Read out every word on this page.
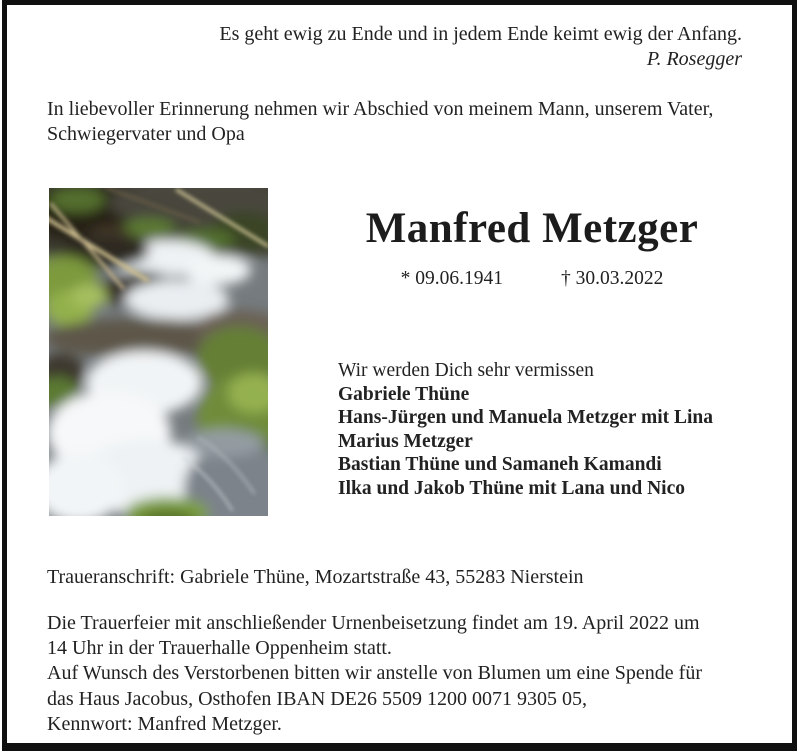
Es geht ewig zu Ende und in jedem Ende keimt ewig der Anfang.
P. Rosegger
In liebevoller Erinnerung nehmen wir Abschied von meinem Mann, unserem Vater,
Schwiegervater und Opa
Manfred Metzger
* 09.06.1941	† 30.03.2022
Wir werden Dich sehr vermissen
Gabriele Thüne
Hans-Jürgen und Manuela Metzger mit Lina
Marius Metzger
Bastian Thüne und Samaneh Kamandi
Ilka und Jakob Thüne mit Lana und Nico
Traueranschrift: Gabriele Thüne, Mozartstraße 43, 55283 Nierstein
Die Trauerfeier mit anschließender Urnenbeisetzung findet am 19. April 2022 um
14 Uhr in der Trauerhalle Oppenheim statt.
Auf Wunsch des Verstorbenen bitten wir anstelle von Blumen um eine Spende für
das Haus Jacobus, Osthofen IBAN DE26 5509 1200 0071 9305 05,
Kennwort: Manfred Metzger.
